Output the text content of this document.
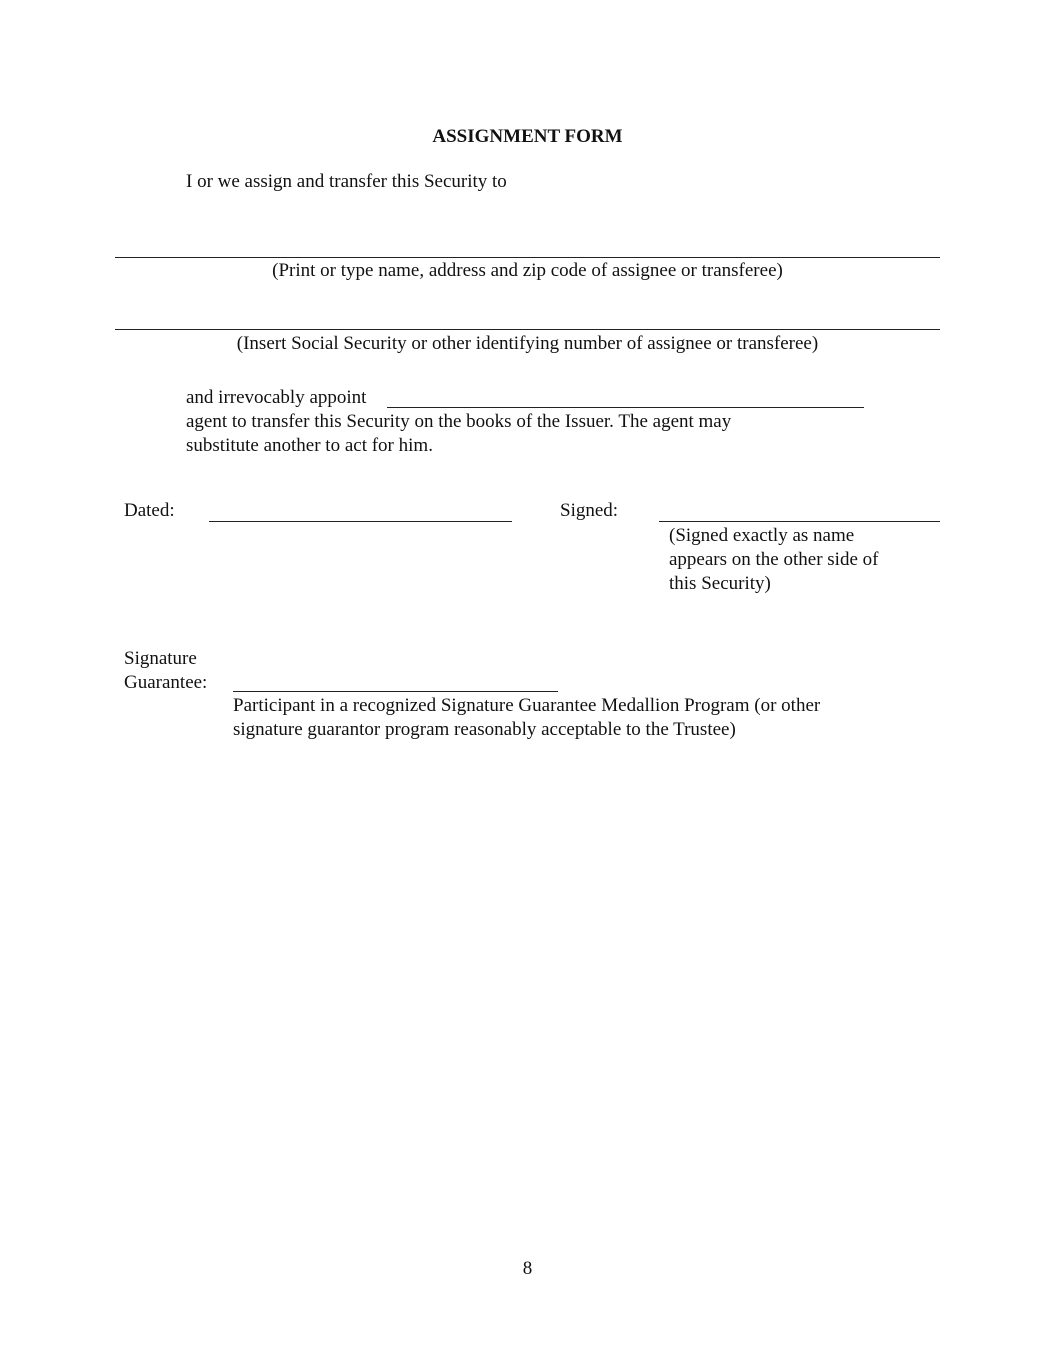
ASSIGNMENT FORM
I or we assign and transfer this Security to
(Print or type name, address and zip code of assignee or transferee)
(Insert Social Security or other identifying number of assignee or transferee)
and irrevocably appoint
agent to transfer this Security on the books of the Issuer. The agent may
substitute another to act for him.
Dated:	Signed:
(Signed exactly as name
appears on the other side of
this Security)
Signature
Guarantee:
Participant in a recognized Signature Guarantee Medallion Program (or other
signature guarantor program reasonably acceptable to the Trustee)
8
